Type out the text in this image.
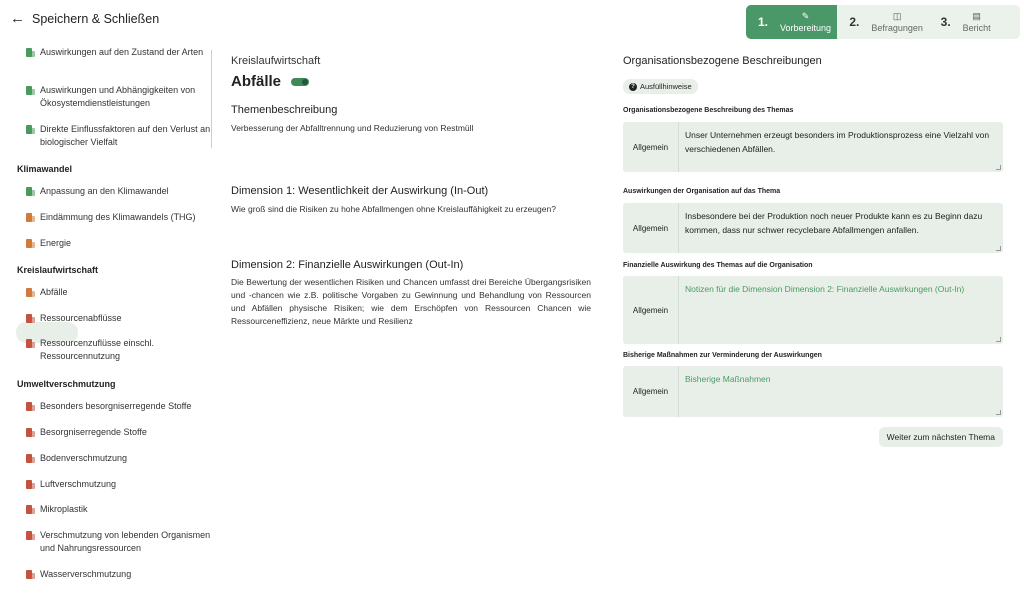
← Speichern & Schließen	1.	✎
Vorbereitung 2.	◫
Befragungen 3.	▤
Bericht
Auswirkungen auf den Zustand der Arten
Auswirkungen und Abhängigkeiten von Ökosystemdienstleistungen
Direkte Einflussfaktoren auf den Verlust an biologischer Vielfalt
Klimawandel
Anpassung an den Klimawandel
Eindämmung des Klimawandels (THG)
Energie
Kreislaufwirtschaft
Abfälle
Ressourcenabflüsse
Ressourcenzuflüsse einschl. Ressourcennutzung
Umweltverschmutzung
Besonders besorgniserregende Stoffe
Besorgniserregende Stoffe
Bodenverschmutzung
Luftverschmutzung
Mikroplastik
Verschmutzung von lebenden Organismen und Nahrungsressourcen
Wasserverschmutzung
Kreislaufwirtschaft
Abfälle
Themenbeschreibung
Verbesserung der Abfalltrennung und Reduzierung von Restmüll
Dimension 1: Wesentlichkeit der Auswirkung (In-Out)
Wie groß sind die Risiken zu hohe Abfallmengen ohne Kreislauffähigkeit zu erzeugen?
Dimension 2: Finanzielle Auswirkungen (Out-In)
Die Bewertung der wesentlichen Risiken und Chancen umfasst drei Bereiche Übergangsrisiken und -chancen wie z.B. politische Vorgaben zu Gewinnung und Behandlung von Ressourcen und Abfällen physische Risiken; wie dem Erschöpfen von Ressourcen Chancen wie Ressourceneffizienz, neue Märkte und Resilienz
Organisationsbezogene Beschreibungen
? Ausfüllhinweise
Organisationsbezogene Beschreibung des Themas
Allgemein
Unser Unternehmen erzeugt besonders im Produktionsprozess eine Vielzahl von verschiedenen Abfällen.
Auswirkungen der Organisation auf das Thema
Allgemein
Insbesondere bei der Produktion noch neuer Produkte kann es zu Beginn dazu kommen, dass nur schwer recyclebare Abfallmengen anfallen.
Finanzielle Auswirkung des Themas auf die Organisation
Allgemein
Notizen für die Dimension Dimension 2: Finanzielle Auswirkungen (Out-In)
Bisherige Maßnahmen zur Verminderung der Auswirkungen
Allgemein
Bisherige Maßnahmen
Weiter zum nächsten Thema
